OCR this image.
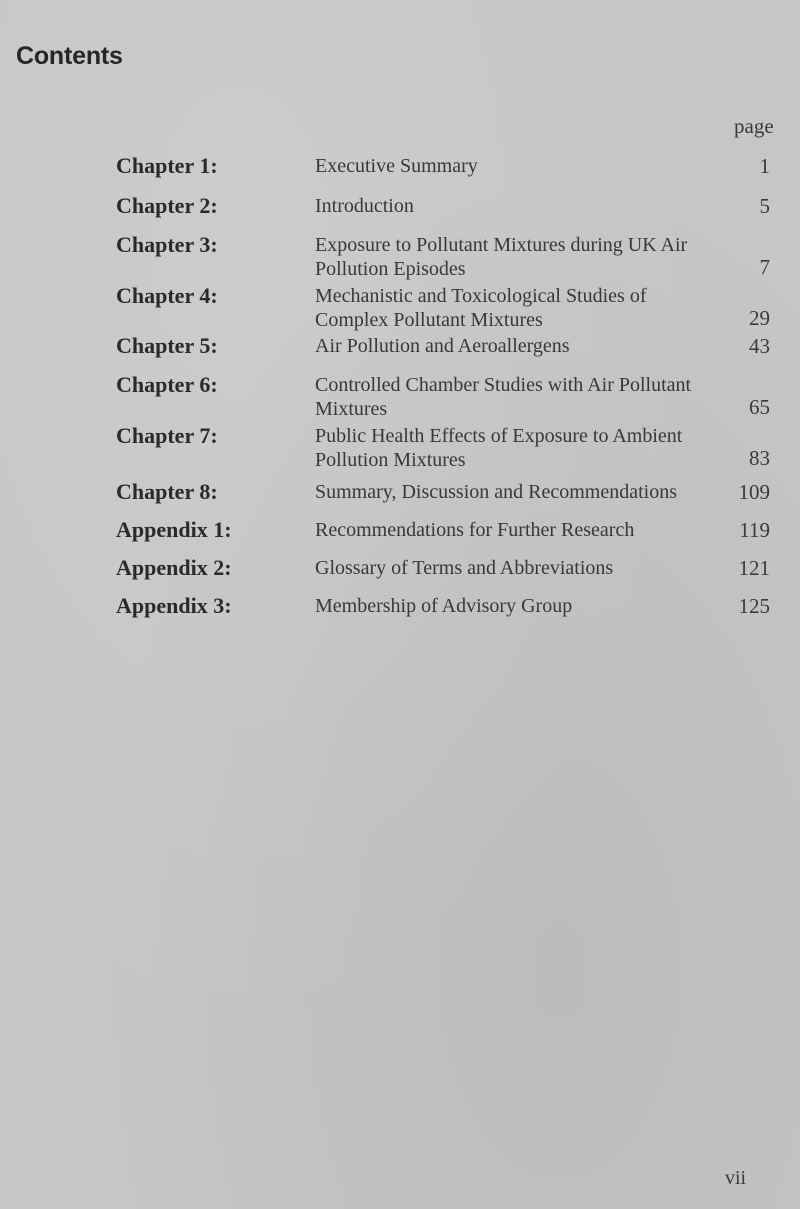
Contents
page
Chapter 1:	Executive Summary	1
Chapter 2:	Introduction	5
Chapter 3:	Exposure to Pollutant Mixtures during UK Air Pollution Episodes	7
Chapter 4:	Mechanistic and Toxicological Studies of Complex Pollutant Mixtures	29
Chapter 5:	Air Pollution and Aeroallergens	43
Chapter 6:	Controlled Chamber Studies with Air Pollutant Mixtures	65
Chapter 7:	Public Health Effects of Exposure to Ambient Pollution Mixtures	83
Chapter 8:	Summary, Discussion and Recommendations	109
Appendix 1:	Recommendations for Further Research	119
Appendix 2:	Glossary of Terms and Abbreviations	121
Appendix 3:	Membership of Advisory Group	125
vii
